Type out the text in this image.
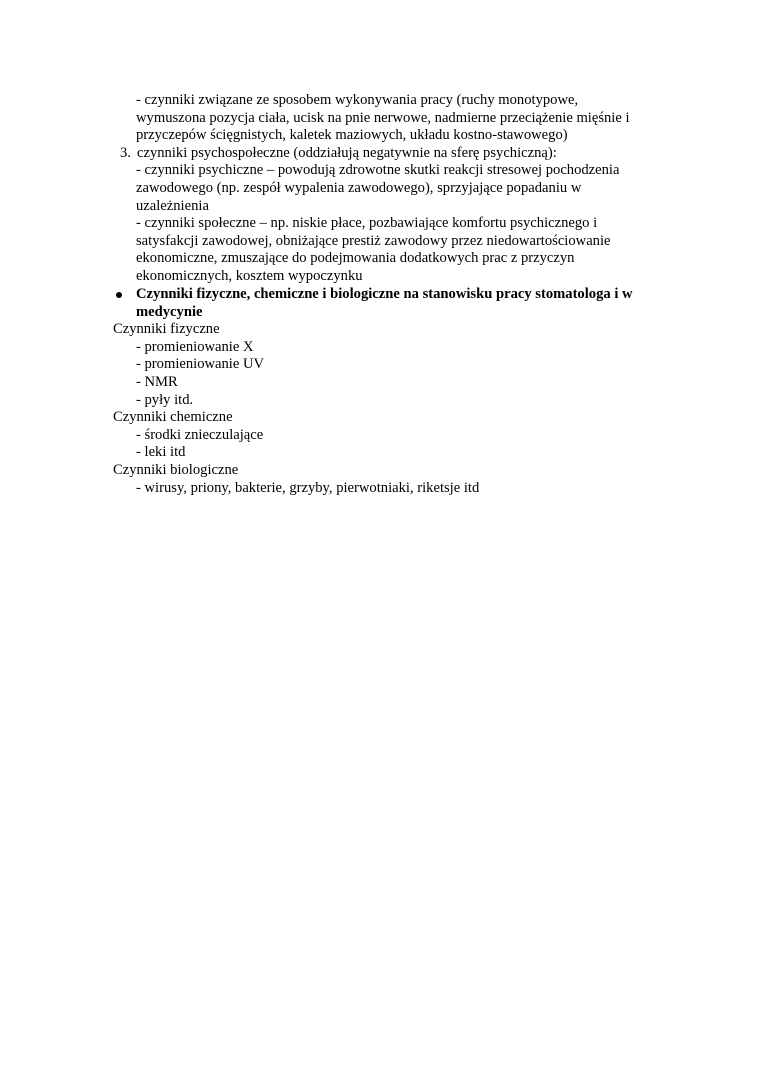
- czynniki związane ze sposobem wykonywania pracy (ruchy monotypowe,
wymuszona pozycja ciała, ucisk na pnie nerwowe, nadmierne przeciążenie mięśnie i
przyczepów ścięgnistych, kaletek maziowych, układu kostno-stawowego)
3. czynniki psychospołeczne (oddziałują negatywnie na sferę psychiczną):
- czynniki psychiczne – powodują zdrowotne skutki reakcji stresowej pochodzenia
zawodowego (np. zespół wypalenia zawodowego), sprzyjające popadaniu w
uzależnienia
- czynniki społeczne – np. niskie płace, pozbawiające komfortu psychicznego i
satysfakcji zawodowej, obniżające prestiż zawodowy przez niedowartościowanie
ekonomiczne, zmuszające do podejmowania dodatkowych prac z przyczyn
ekonomicznych, kosztem wypoczynku
Czynniki fizyczne, chemiczne i biologiczne na stanowisku pracy stomatologa i w
medycynie
Czynniki fizyczne
- promieniowanie X
- promieniowanie UV
- NMR
- pyły itd.
Czynniki chemiczne
- środki znieczulające
- leki itd
Czynniki biologiczne
- wirusy, priony, bakterie, grzyby, pierwotniaki, riketsje itd
